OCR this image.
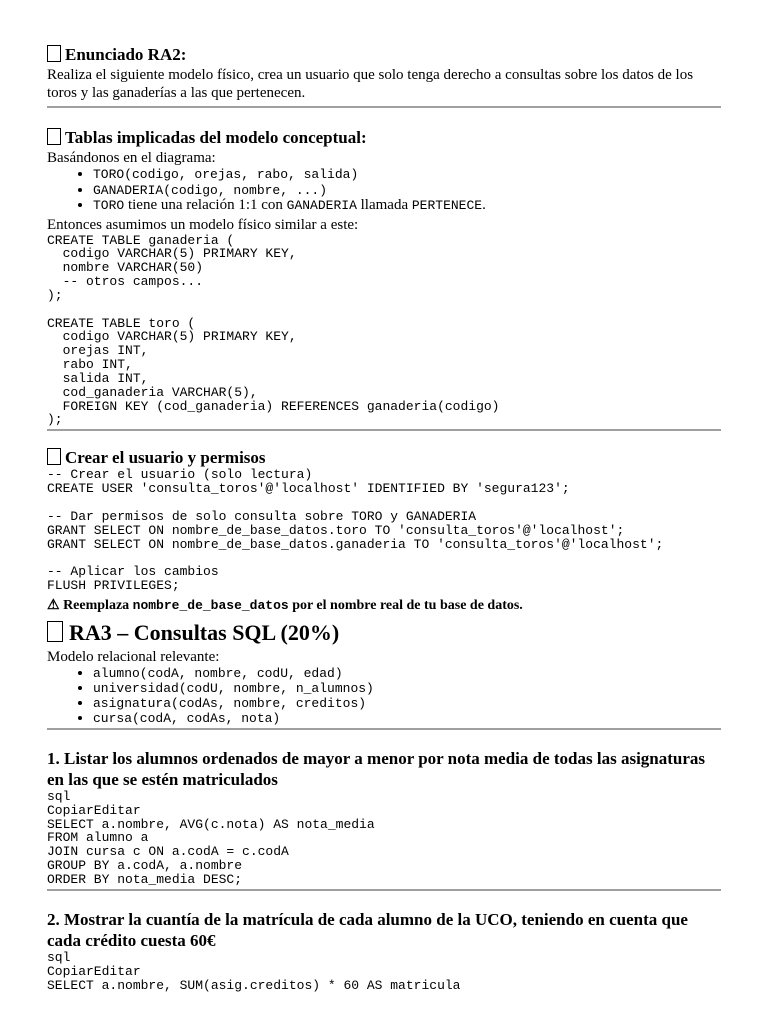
Enunciado RA2:

Realiza el siguiente modelo físico, crea un usuario que solo tenga derecho a consultas sobre los datos de los toros y las ganaderías a las que pertenecen.

Tablas implicadas del modelo conceptual:

Basándonos en el diagrama:

• TORO(codigo, orejas, rabo, salida)
• GANADERIA(codigo, nombre, ...)
• TORO tiene una relación 1:1 con GANADERIA llamada PERTENECE.

Entonces asumimos un modelo físico similar a este:

CREATE TABLE ganaderia (
codigo VARCHAR(5) PRIMARY KEY,
nombre VARCHAR(50)
-- otros campos...
);

CREATE TABLE toro (
codigo VARCHAR(5) PRIMARY KEY,
orejas INT,
rabo INT,
salida INT,
cod_ganaderia VARCHAR(5),
FOREIGN KEY (cod_ganaderia) REFERENCES ganaderia(codigo)
);
Crear el usuario y permisos
-- Crear el usuario (solo lectura)
CREATE USER 'consulta_toros'@'localhost' IDENTIFIED BY 'segura123';

-- Dar permisos de solo consulta sobre TORO y GANADERIA
GRANT SELECT ON nombre_de_base_datos.toro TO 'consulta_toros'@'localhost';
GRANT SELECT ON nombre_de_base_datos.ganaderia TO 'consulta_toros'@'localhost';

-- Aplicar los cambios
FLUSH PRIVILEGES;

⚠ Reemplaza nombre_de_base_datos por el nombre real de tu base de datos.

RA3 – Consultas SQL (20%)

Modelo relacional relevante:

• alumno(codA, nombre, codU, edad)
• universidad(codU, nombre, n_alumnos)
• asignatura(codAs, nombre, creditos)
• cursa(codA, codAs, nota)
1. Listar los alumnos ordenados de mayor a menor por nota media de todas las asignaturas en las que se estén matriculados
sql
CopiarEditar
SELECT a.nombre, AVG(c.nota) AS nota_media
FROM alumno a
JOIN cursa c ON a.codA = c.codA
GROUP BY a.codA, a.nombre
ORDER BY nota_media DESC;
2. Mostrar la cuantía de la matrícula de cada alumno de la UCO, teniendo en cuenta que cada crédito cuesta 60€
sql
CopiarEditar
SELECT a.nombre, SUM(asig.creditos) * 60 AS matricula
